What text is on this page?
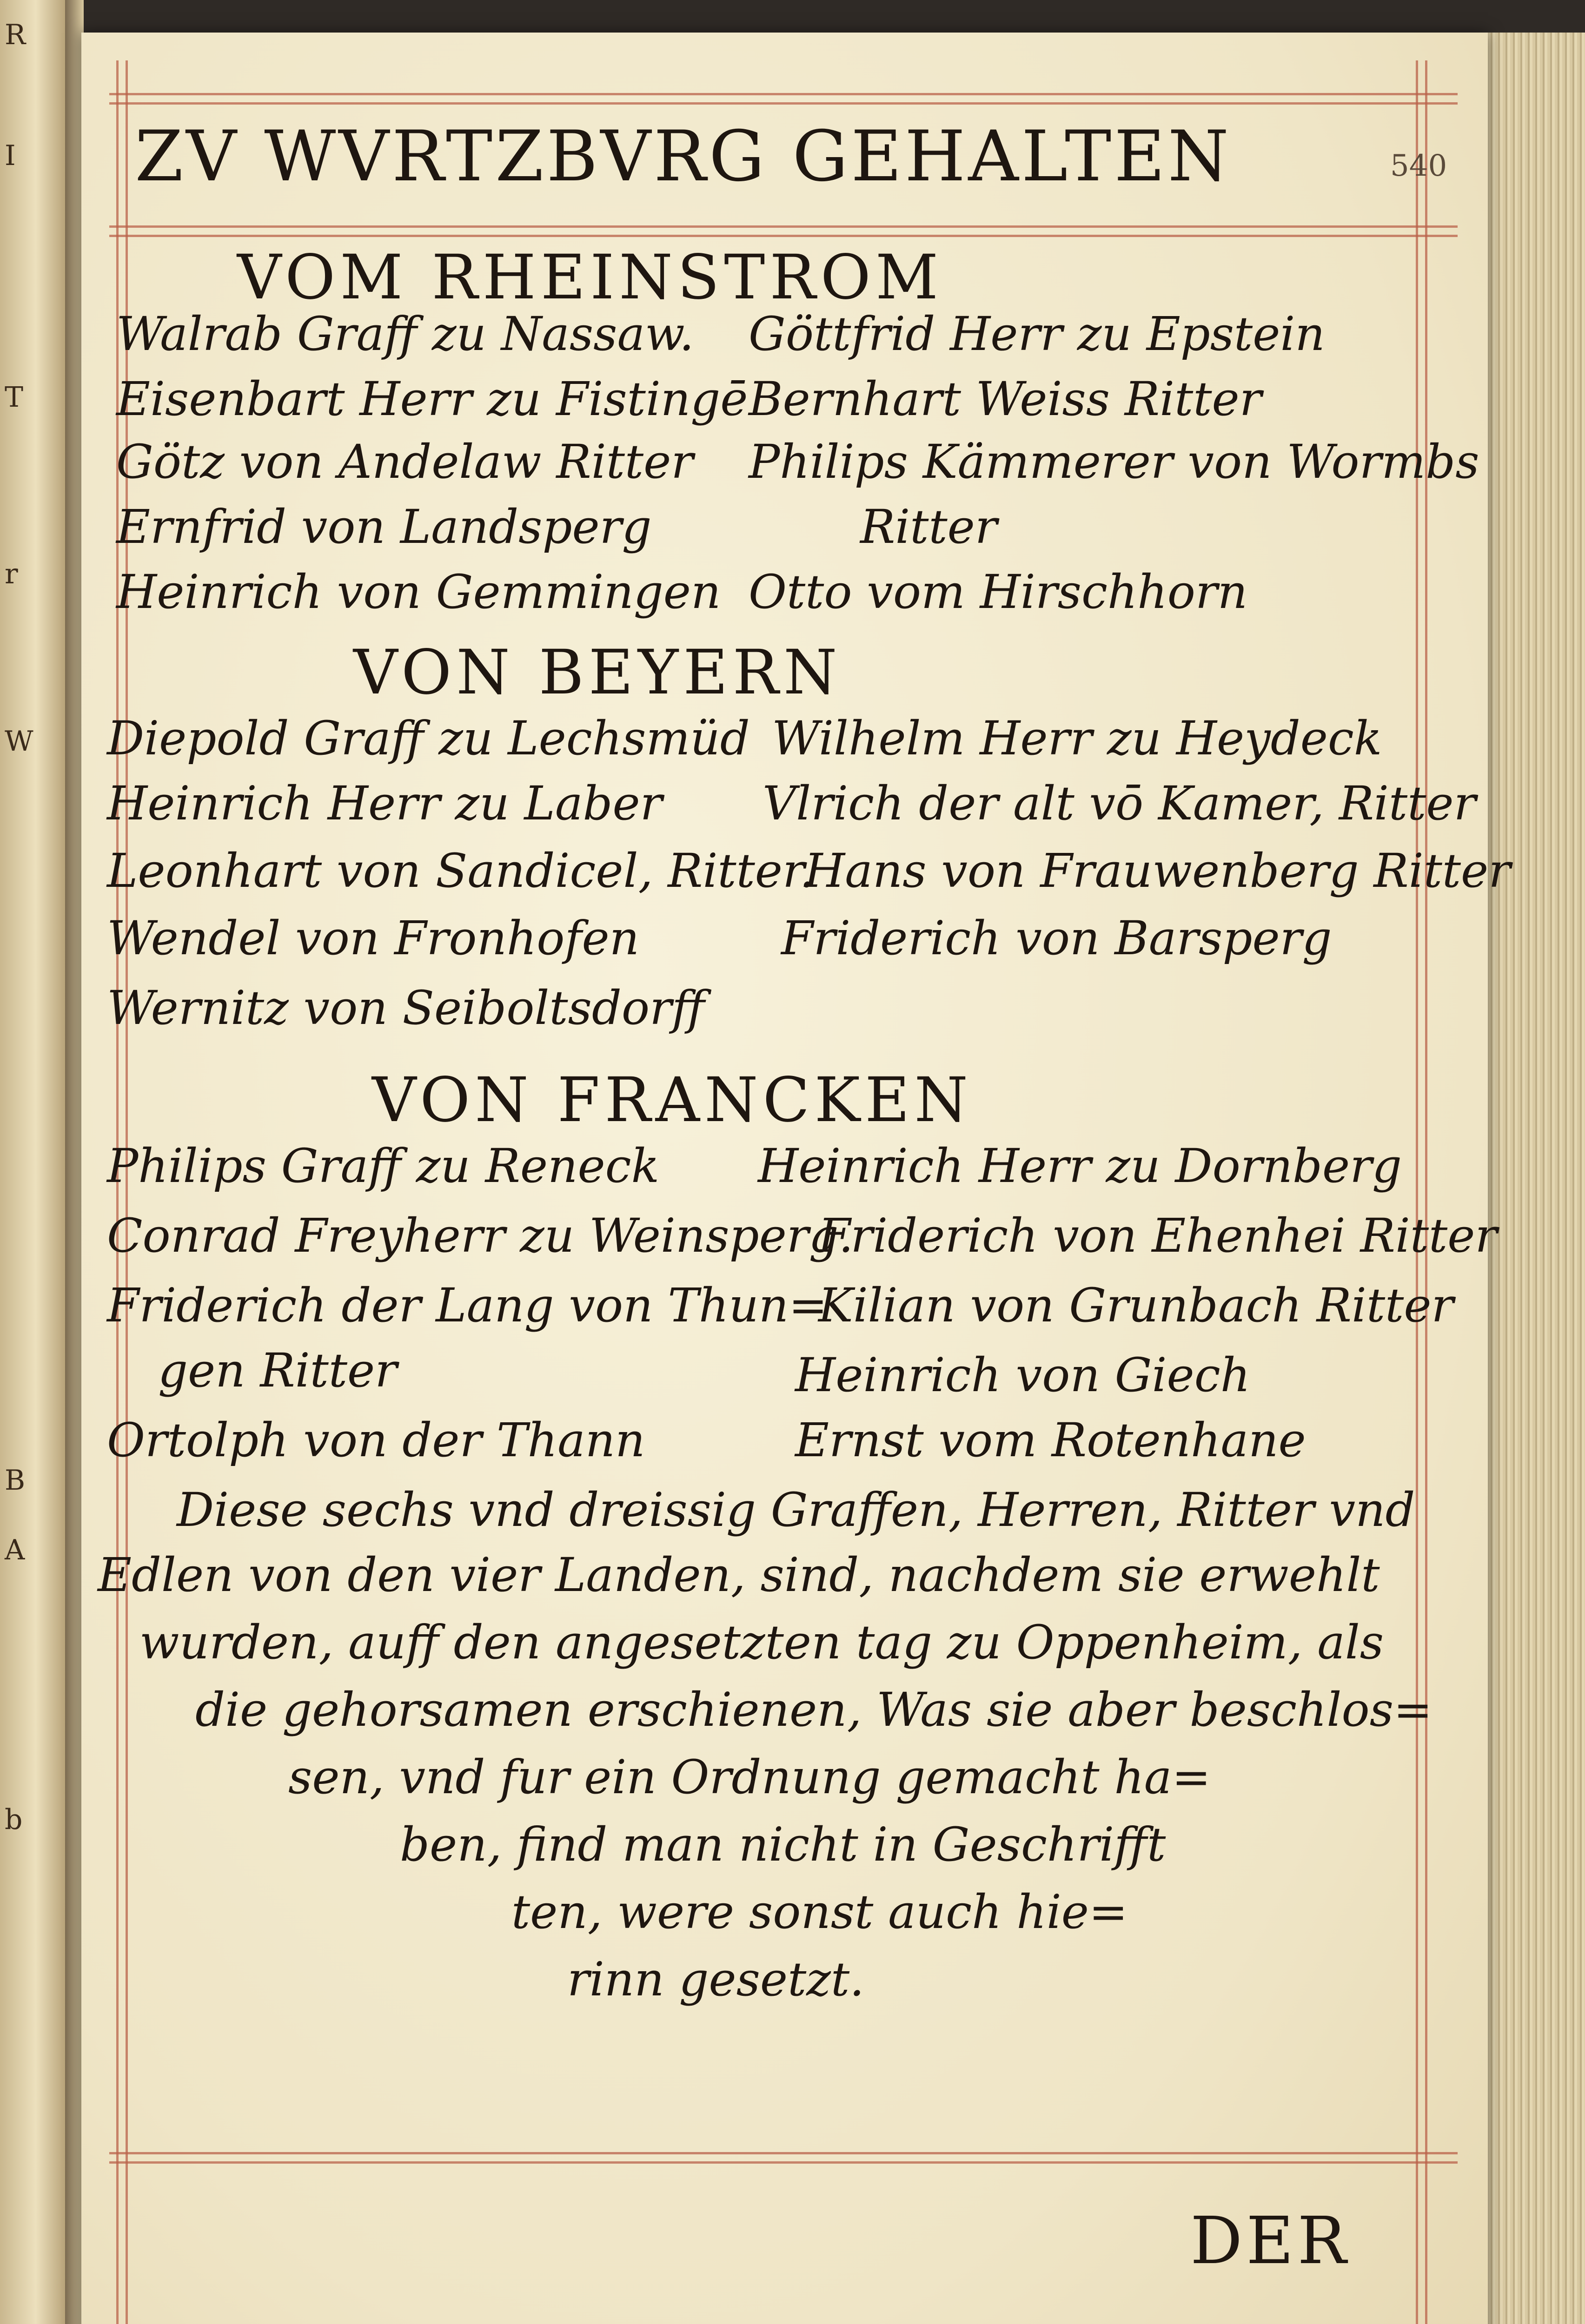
R
I
T
r
W
B
A
b
ZV WVRTZBVRG GEHALTEN	540
VOM RHEINSTROM
Walrab Graff zu Nassaw.
Eisenbart Herr zu Fistingē
Götz von Andelaw Ritter
Ernfrid von Landsperg
Heinrich von Gemmingen
Göttfrid Herr zu Epstein
Bernhart Weiss Ritter
Philips Kämmerer von Wormbs
Ritter
Otto vom Hirschhorn
VON BEYERN
Diepold Graff zu Lechsmüd
Heinrich Herr zu Laber
Leonhart von Sandicel, Ritter.
Wendel von Fronhofen
Wernitz von Seiboltsdorff
Wilhelm Herr zu Heydeck
Vlrich der alt vō Kamer, Ritter
Hans von Frauwenberg Ritter
Friderich von Barsperg
VON FRANCKEN
Philips Graff zu Reneck
Conrad Freyherr zu Weinsperg.
Friderich der Lang von Thun=
gen Ritter
Ortolph von der Thann
Heinrich Herr zu Dornberg
Friderich von Ehenhei Ritter
Kilian von Grunbach Ritter
Heinrich von Giech
Ernst vom Rotenhane
Diese sechs vnd dreissig Graffen, Herren, Ritter vnd
Edlen von den vier Landen, sind, nachdem sie erwehlt
wurden, auff den angesetzten tag zu Oppenheim, als
die gehorsamen erschienen, Was sie aber beschlos=
sen, vnd fur ein Ordnung gemacht ha=
ben, find man nicht in Geschrifft
ten, were sonst auch hie=
rinn gesetzt.
DER
